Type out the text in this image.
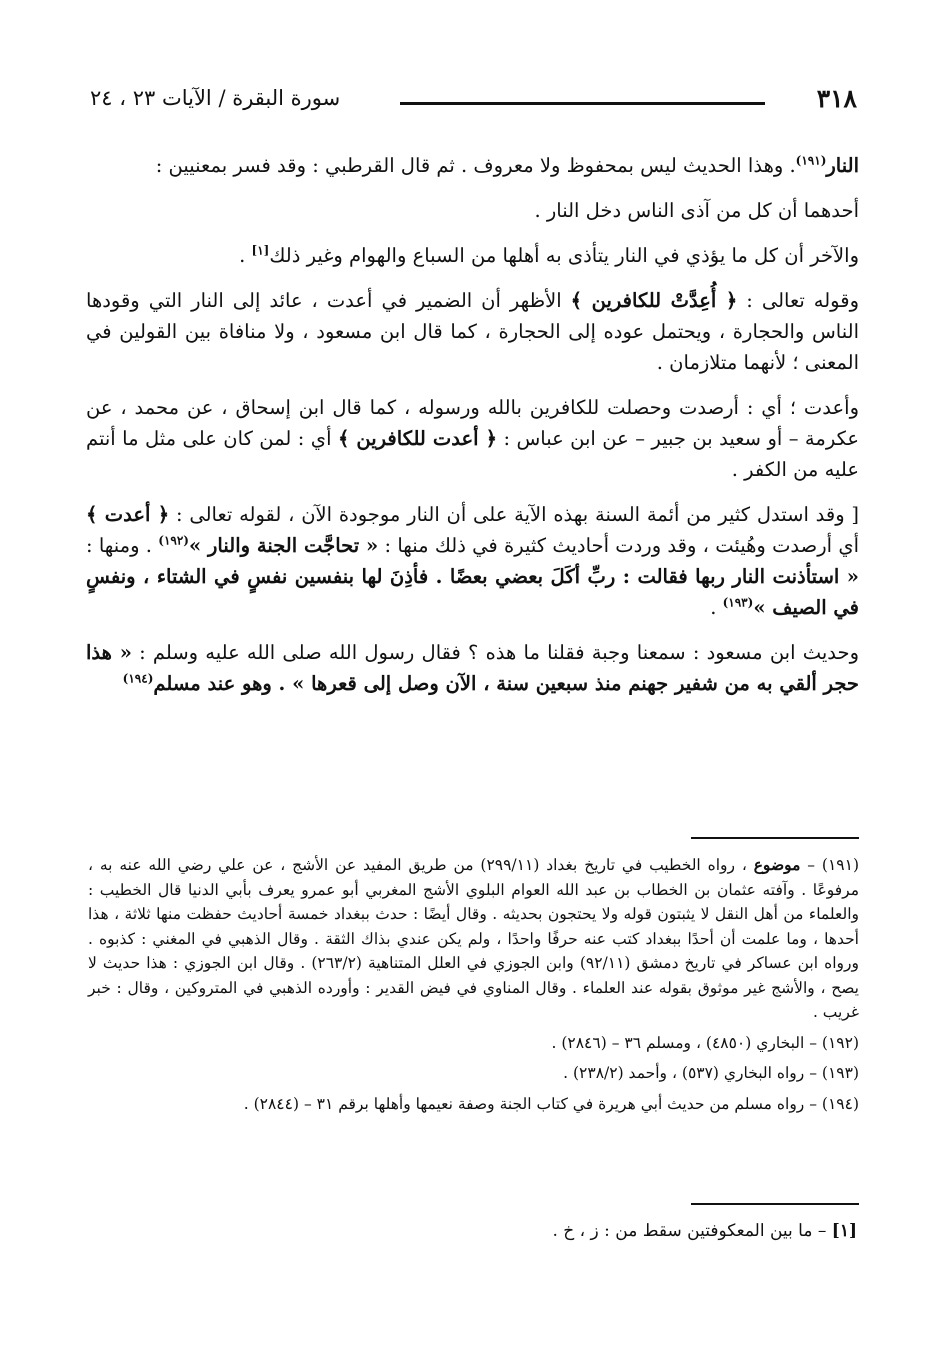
٣١٨
سورة البقرة / الآيات ٢٣ ، ٢٤

النار$^{(١٩١)}$. وهذا الحديث ليس بمحفوظ ولا معروف . ثم قال القرطبي : وقد فسر بمعنيين :

أحدهما أن كل من آذى الناس دخل النار .

والآخر أن كل ما يؤذي في النار يتأذى به أهلها من السباع والهوام وغير ذلك[١] .

وقوله تعالى : ﴿ أُعِدَّتْ للكافرين ﴾ الأظهر أن الضمير في أعدت ، عائد إلى النار التي وقودها الناس والحجارة ، ويحتمل عوده إلى الحجارة ، كما قال ابن مسعود ، ولا منافاة بين القولين في المعنى ؛ لأنهما متلازمان .

وأعدت ؛ أي : أرصدت وحصلت للكافرين بالله ورسوله ، كما قال ابن إسحاق ، عن محمد ، عن عكرمة – أو سعيد بن جبير – عن ابن عباس : ﴿ أعدت للكافرين ﴾ أي : لمن كان على مثل ما أنتم عليه من الكفر .

[ وقد استدل كثير من أئمة السنة بهذه الآية على أن النار موجودة الآن ، لقوله تعالى : ﴿ أعدت ﴾ أي أرصدت وهُيئت ، وقد وردت أحاديث كثيرة في ذلك منها : « تحاجَّت الجنة والنار »$^{(١٩٢)}$ . ومنها : « استأذنت النار ربها فقالت : ربِّ أكَلَ بعضي بعضًا . فأذِنَ لها بنفسين نفسٍ في الشتاء ، ونفسٍ في الصيف »$^{(١٩٣)}$ .

وحديث ابن مسعود : سمعنا وجبة فقلنا ما هذه ؟ فقال رسول الله صلى الله عليه وسلم : « هذا حجر ألقي به من شفير جهنم منذ سبعين سنة ، الآن وصل إلى قعرها » . وهو عند مسلم$^{(١٩٤)}$

(١٩١) – موضوع ، رواه الخطيب في تاريخ بغداد (٢٩٩/١١) من طريق المفيد عن الأشج ، عن علي رضي الله عنه به ، مرفوعًا . وآفته عثمان بن الخطاب بن عبد الله العوام البلوي الأشج المغربي أبو عمرو يعرف بأبي الدنيا قال الخطيب : والعلماء من أهل النقل لا يثبتون قوله ولا يحتجون بحديثه . وقال أيضًا : حدث ببغداد خمسة أحاديث حفظت منها ثلاثة ، هذا أحدها ، وما علمت أن أحدًا ببغداد كتب عنه حرفًا واحدًا ، ولم يكن عندي بذاك الثقة . وقال الذهبي في المغني : كذبوه . ورواه ابن عساكر في تاريخ دمشق (٩٢/١١) وابن الجوزي في العلل المتناهية (٢٦٣/٢) . وقال ابن الجوزي : هذا حديث لا يصح ، والأشج غير موثوق بقوله عند العلماء . وقال المناوي في فيض القدير : وأورده الذهبي في المتروكين ، وقال : خبر غريب .

(١٩٢) – البخاري (٤٨٥٠) ، ومسلم ٣٦ – (٢٨٤٦) .

(١٩٣) – رواه البخاري (٥٣٧) ، وأحمد (٢٣٨/٢) .

(١٩٤) – رواه مسلم من حديث أبي هريرة في كتاب الجنة وصفة نعيمها وأهلها برقم ٣١ – (٢٨٤٤) .

[١] – ما بين المعكوفتين سقط من : ز ، خ .
